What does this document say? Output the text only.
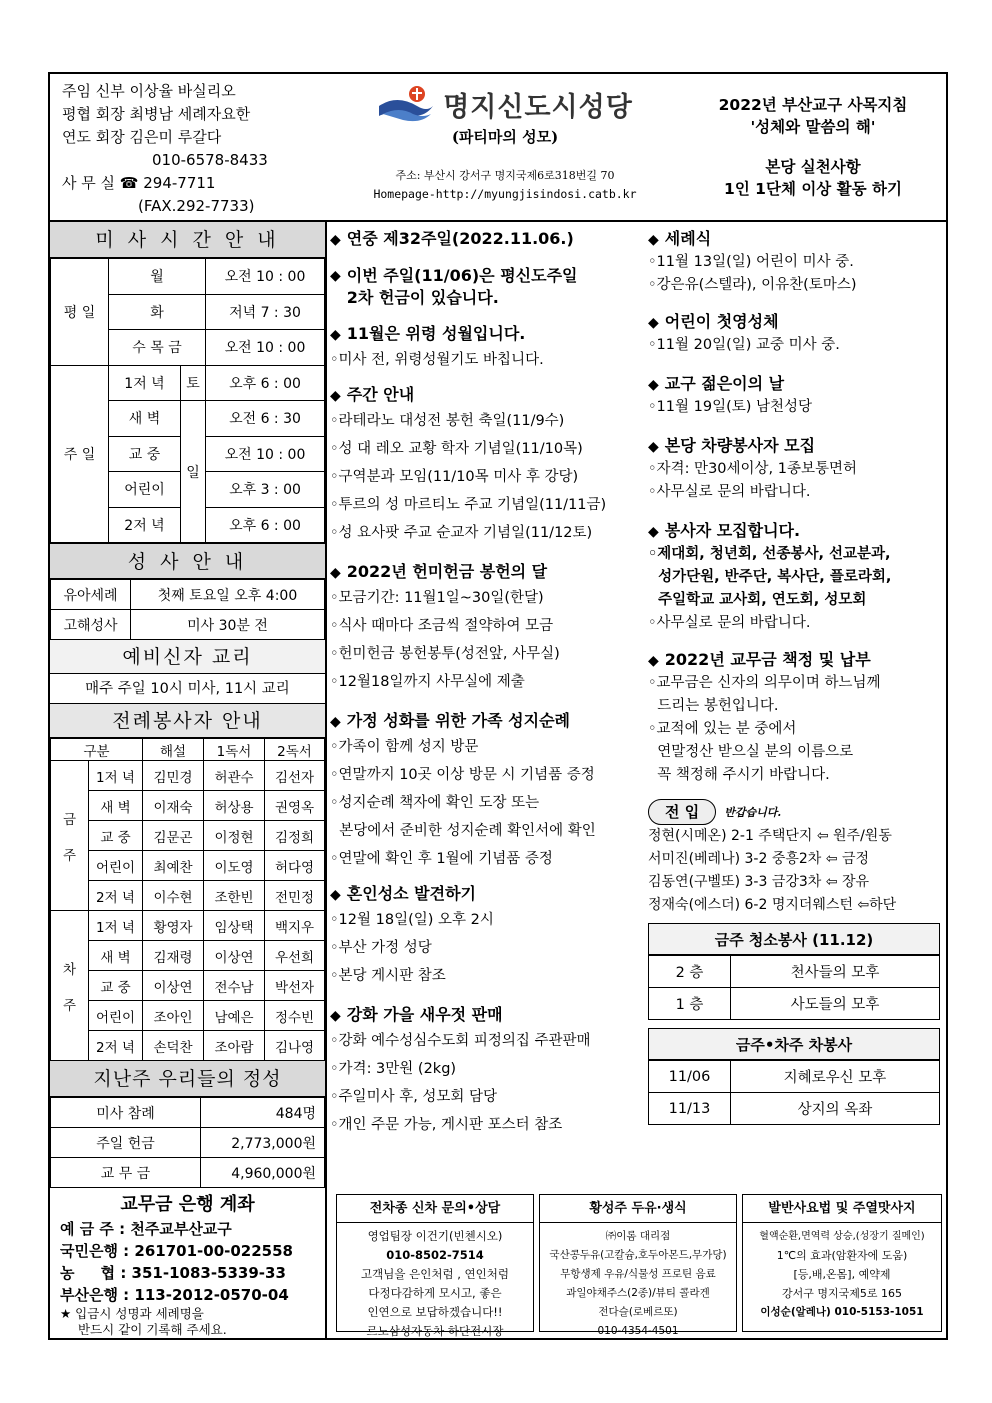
주임 신부 이상율 바실리오
평협 회장 최병남 세례자요한
연도 회장 김은미 루갈다
010-6578-8433
사 무 실 ☎ 294-7711
(FAX.292-7733)
명지신도시성당
(파티마의 성모)
주소: 부산시 강서구 명지국제6로318번길 70
Homepage-http://myungjisindosi.catb.kr
2022년 부산교구 사목지침
'성체와 말씀의 해'
본당 실천사항
1인 1단체 이상 활동 하기
미 사 시 간 안 내
평 일	월		오전 10 : 00
	화		저녁 7 : 30
	수 목 금		오전 10 : 00
주 일	1저 녁	토	오후 6 : 00
	새 벽	일	오전 6 : 30
	교 중		오전 10 : 00
	어린이		오후 3 : 00
	2저 녁		오후 6 : 00
성 사 안 내
유아세례	첫째 토요일 오후 4:00
고해성사	미사 30분 전
예비신자 교리
매주 주일 10시 미사, 11시 교리
전례봉사자 안내
구분		해설	1독서	2독서
금

주	1저 녁	김민경	허관수	김선자
	새 벽	이재숙	허상용	권영옥
	교 중	김문곤	이정현	김정희
	어린이	최예찬	이도영	허다영
	2저 녁	이수현	조한빈	전민정
차

주	1저 녁	황영자	임상택	백지우
	새 벽	김재령	이상연	우선희
	교 중	이상연	전수남	박선자
	어린이	조아인	남예은	정수빈
	2저 녁	손덕찬	조아람	김나영
지난주 우리들의 정성
미사 참례	484명
주일 헌금	2,773,000원
교 무 금	4,960,000원
교무금 은행 계좌
예 금 주 : 천주교부산교구
국민은행 : 261701-00-022558
농     협 : 351-1083-5339-33
부산은행 : 113-2012-0570-04
★ 입금시 성명과 세례명을
반드시 같이 기록해 주세요.
◆ 연중 제32주일(2022.11.06.)
◆ 이번 주일(11/06)은 평신도주일
2차 헌금이 있습니다.
◆ 11월은 위령 성월입니다.
◦미사 전, 위령성월기도 바칩니다.
◆ 주간 안내
◦라테라노 대성전 봉헌 축일(11/9수)
◦성 대 레오 교황 학자 기념일(11/10목)
◦구역분과 모임(11/10목 미사 후 강당)
◦투르의 성 마르티노 주교 기념일(11/11금)
◦성 요사팟 주교 순교자 기념일(11/12토)
◆ 2022년 헌미헌금 봉헌의 달
◦모금기간: 11월1일~30일(한달)
◦식사 때마다 조금씩 절약하여 모금
◦헌미헌금 봉헌봉투(성전앞, 사무실)
◦12월18일까지 사무실에 제출
◆ 가정 성화를 위한 가족 성지순례
◦가족이 함께 성지 방문
◦연말까지 10곳 이상 방문 시 기념품 증정
◦성지순례 책자에 확인 도장 또는
본당에서 준비한 성지순례 확인서에 확인
◦연말에 확인 후 1월에 기념품 증정
◆ 혼인성소 발견하기
◦12월 18일(일) 오후 2시
◦부산 가정 성당
◦본당 게시판 참조
◆ 강화 가을 새우젓 판매
◦강화 예수성심수도회 피정의집 주관판매
◦가격: 3만원 (2kg)
◦주일미사 후, 성모회 담당
◦개인 주문 가능, 게시판 포스터 참조
◆ 세례식
◦11월 13일(일) 어린이 미사 중.
◦강은유(스텔라), 이유찬(토마스)
◆ 어린이 첫영성체
◦11월 20일(일) 교중 미사 중.
◆ 교구 젊은이의 날
◦11월 19일(토) 남천성당
◆ 본당 차량봉사자 모집
◦자격: 만30세이상, 1종보통면허
◦사무실로 문의 바랍니다.
◆ 봉사자 모집합니다.
◦제대회, 청년회, 선종봉사, 선교분과,
성가단원, 반주단, 복사단, 플로라회,
주일학교 교사회, 연도회, 성모회
◦사무실로 문의 바랍니다.
◆ 2022년 교무금 책정 및 납부
◦교무금은 신자의 의무이며 하느님께
드리는 봉헌입니다.
◦교적에 있는 분 중에서
연말정산 받으실 분의 이름으로
꼭 책정해 주시기 바랍니다.
전 입	반갑습니다.
정현(시메온) 2-1 주택단지 ⇦ 원주/원동
서미진(베레나) 3-2 중흥2차 ⇦ 금정
김동연(구벨또) 3-3 금강3차 ⇦ 장유
정재숙(에스더) 6-2 명지더웨스턴 ⇦하단
금주 청소봉사 (11.12)
2 층	천사들의 모후
1 층	사도들의 모후
금주•차주 차봉사
11/06	지혜로우신 모후
11/13	상지의 옥좌
전차종 신차 문의•상담
영업팀장 이건기(빈첸시오)
010-8502-7514
고객님을 은인처럼 , 연인처럼
다정다감하게 모시고, 좋은
인연으로 보답하겠습니다!!
르노삼성자동차 하단전시장
황성주 두유·생식
㈜이롬 대리점
국산콩두유(고칼슘,호두아몬드,무가당)
무항생제 우유/식물성 프로틴 음료
과일야채주스(2종)/뷰티 콜라겐
전다슬(로베르또)
010-4354-4501
발반사요법 및 주열맛사지
혈액순환,면역력 상승,(성장기 질메인)
1℃의 효과(암환자에 도움)
[등,배,온몸], 예약제
강서구 명지국제5로 165
이성순(알레나) 010-5153-1051
